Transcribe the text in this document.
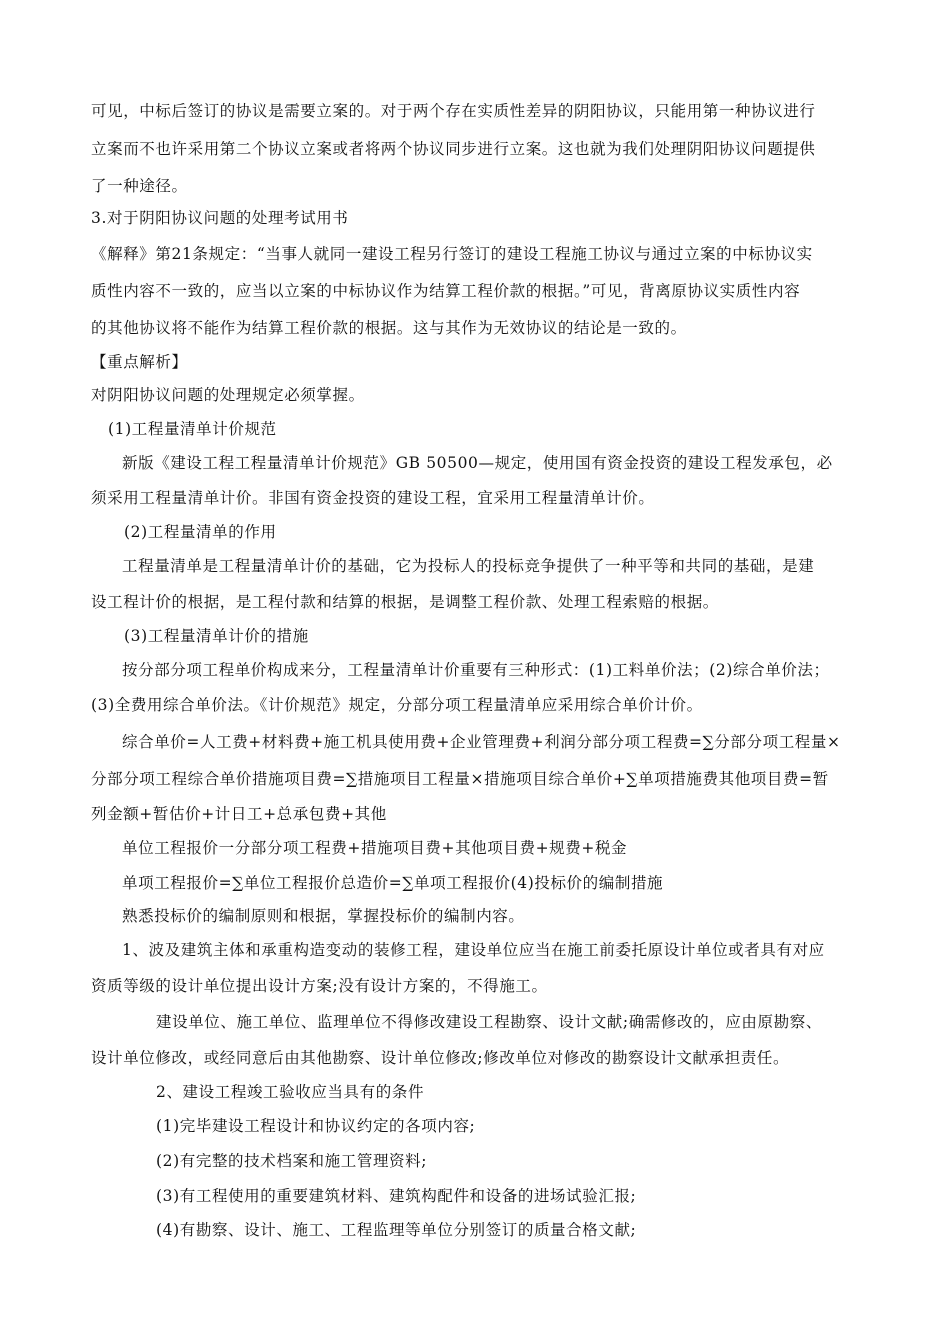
可见，中标后签订的协议是需要立案的。对于两个存在实质性差异的阴阳协议，只能用第一种协议进行
立案而不也许采用第二个协议立案或者将两个协议同步进行立案。这也就为我们处理阴阳协议问题提供
了一种途径。
3.对于阴阳协议问题的处理考试用书
《解释》第21条规定：“当事人就同一建设工程另行签订的建设工程施工协议与通过立案的中标协议实
质性内容不一致的，应当以立案的中标协议作为结算工程价款的根据。”可见，背离原协议实质性内容
的其他协议将不能作为结算工程价款的根据。这与其作为无效协议的结论是一致的。
【重点解析】
对阴阳协议问题的处理规定必须掌握。
(1)工程量清单计价规范
新版《建设工程工程量清单计价规范》GB 50500—规定，使用国有资金投资的建设工程发承包，必
须采用工程量清单计价。非国有资金投资的建设工程，宜采用工程量清单计价。
(2)工程量清单的作用
工程量清单是工程量清单计价的基础，它为投标人的投标竞争提供了一种平等和共同的基础，是建
设工程计价的根据，是工程付款和结算的根据，是调整工程价款、处理工程索赔的根据。
(3)工程量清单计价的措施
按分部分项工程单价构成来分，工程量清单计价重要有三种形式：(1)工料单价法；(2)综合单价法；
(3)全费用综合单价法。《计价规范》规定，分部分项工程量清单应采用综合单价计价。
综合单价=人工费+材料费+施工机具使用费+企业管理费+利润分部分项工程费=∑分部分项工程量×
分部分项工程综合单价措施项目费=∑措施项目工程量×措施项目综合单价+∑单项措施费其他项目费=暂
列金额+暂估价+计日工+总承包费+其他
单位工程报价一分部分项工程费+措施项目费+其他项目费+规费+税金
单项工程报价=∑单位工程报价总造价=∑单项工程报价(4)投标价的编制措施
熟悉投标价的编制原则和根据，掌握投标价的编制内容。
1、波及建筑主体和承重构造变动的装修工程，建设单位应当在施工前委托原设计单位或者具有对应
资质等级的设计单位提出设计方案;没有设计方案的，不得施工。
建设单位、施工单位、监理单位不得修改建设工程勘察、设计文献;确需修改的，应由原勘察、
设计单位修改，或经同意后由其他勘察、设计单位修改;修改单位对修改的勘察设计文献承担责任。
2、建设工程竣工验收应当具有的条件
(1)完毕建设工程设计和协议约定的各项内容;
(2)有完整的技术档案和施工管理资料;
(3)有工程使用的重要建筑材料、建筑构配件和设备的进场试验汇报;
(4)有勘察、设计、施工、工程监理等单位分别签订的质量合格文献;
